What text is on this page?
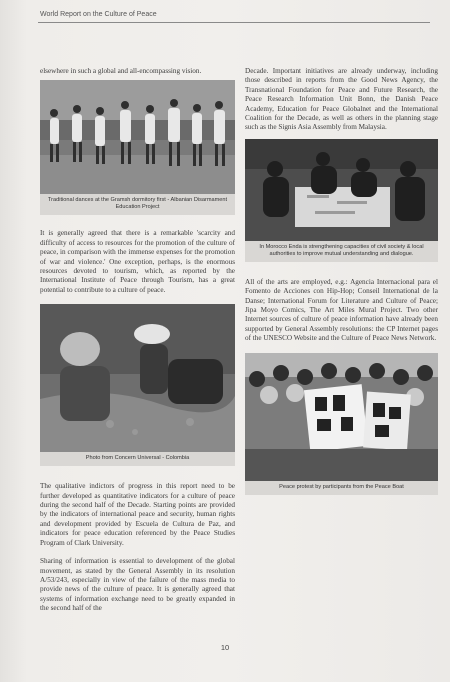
World Report on the Culture of Peace

elsewhere in such a global and all-encompassing vision.

Traditional dances at the Gramsh dormitory first - Albanian Disarmament Education Project

It is generally agreed that there is a remarkable 'scarcity and difficulty of access to resources for the promotion of the culture of peace, in comparison with the immense expenses for the promotion of war and violence.' One exception, perhaps, is the enormous resources devoted to tourism, which, as reported by the International Institute of Peace through Tourism, has a great potential to contribute to a culture of peace.

Photo from Concern Universal - Colombia

The qualitative indictors of progress in this report need to be further developed as quantitative indicators for a culture of peace during the second half of the Decade. Starting points are provided by the indicators of international peace and security, human rights and development provided by Escuela de Cultura de Paz, and indicators for peace education referenced by the Peace Studies Program of Clark University.

Sharing of information is essential to development of the global movement, as stated by the General Assembly in its resolution A/53/243, especially in view of the failure of the mass media to provide news of the culture of peace. It is generally agreed that systems of information exchange need to be greatly expanded in the second half of the

Decade. Important initiatives are already underway, including those described in reports from the Good News Agency, the Transnational Foundation for Peace and Future Research, the Peace Research Information Unit Bonn, the Danish Peace Academy, Education for Peace Globalnet and the International Coalition for the Decade, as well as others in the planning stage such as the Signis Asia Assembly from Malaysia.

In Morocco Enda is strengthening capacities of civil society & local authorities to improve mutual understanding and dialogue.

All of the arts are employed, e.g.: Agencia Internacional para el Fomento de Acciones con Hip-Hop; Conseil International de la Danse; International Forum for Literature and Culture of Peace; Jipa Moyo Comics, The Art Miles Mural Project. Two other Internet sources of culture of peace information have already been supported by General Assembly resolutions: the CP Internet pages of the UNESCO Website and the Culture of Peace News Network.

Peace protest by participants from the Peace Boat
10
